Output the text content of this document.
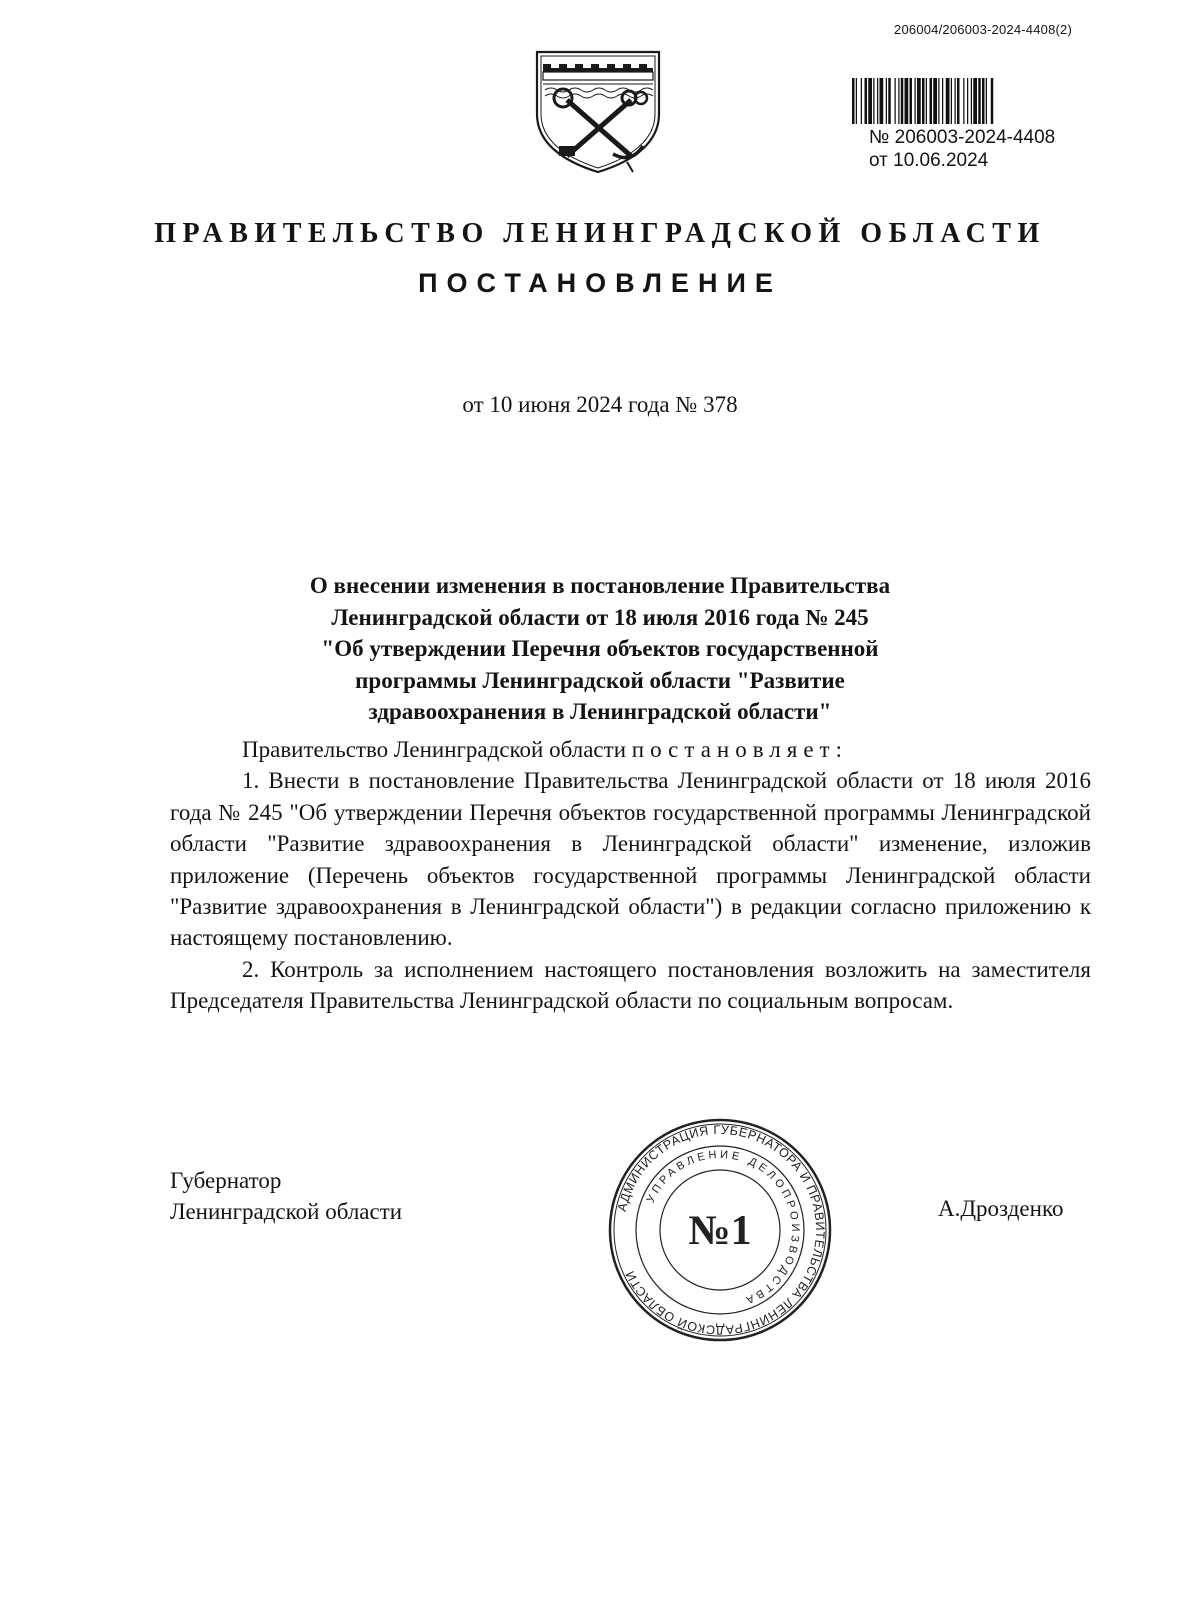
206004/206003-2024-4408(2)
№ 206003-2024-4408
от 10.06.2024
ПРАВИТЕЛЬСТВО ЛЕНИНГРАДСКОЙ ОБЛАСТИ
ПОСТАНОВЛЕНИЕ
от 10 июня 2024 года № 378
О внесении изменения в постановление Правительства
Ленинградской области от 18 июля 2016 года № 245
"Об утверждении Перечня объектов государственной
программы Ленинградской области "Развитие
здравоохранения в Ленинградской области"

Правительство Ленинградской области постановляет:

1. Внести в постановление Правительства Ленинградской области от 18 июля 2016 года № 245 "Об утверждении Перечня объектов государственной программы Ленинградской области "Развитие здравоохранения в Ленинградской области" изменение, изложив приложение (Перечень объектов государственной программы Ленинградской области "Развитие здравоохранения в Ленинградской области") в редакции согласно приложению к настоящему постановлению.

2. Контроль за исполнением настоящего постановления возложить на заместителя Председателя Правительства Ленинградской области по социальным вопросам.

Губернатор
Ленинградской области	А.Дрозденко
АДМИНИСТРАЦИЯ ГУБЕРНАТОРА И ПРАВИТЕЛЬСТВА ЛЕНИНГРАДСКОЙ ОБЛАСТИ
УПРАВЛЕНИЕ ДЕЛОПРОИЗВОДСТВА
№1
